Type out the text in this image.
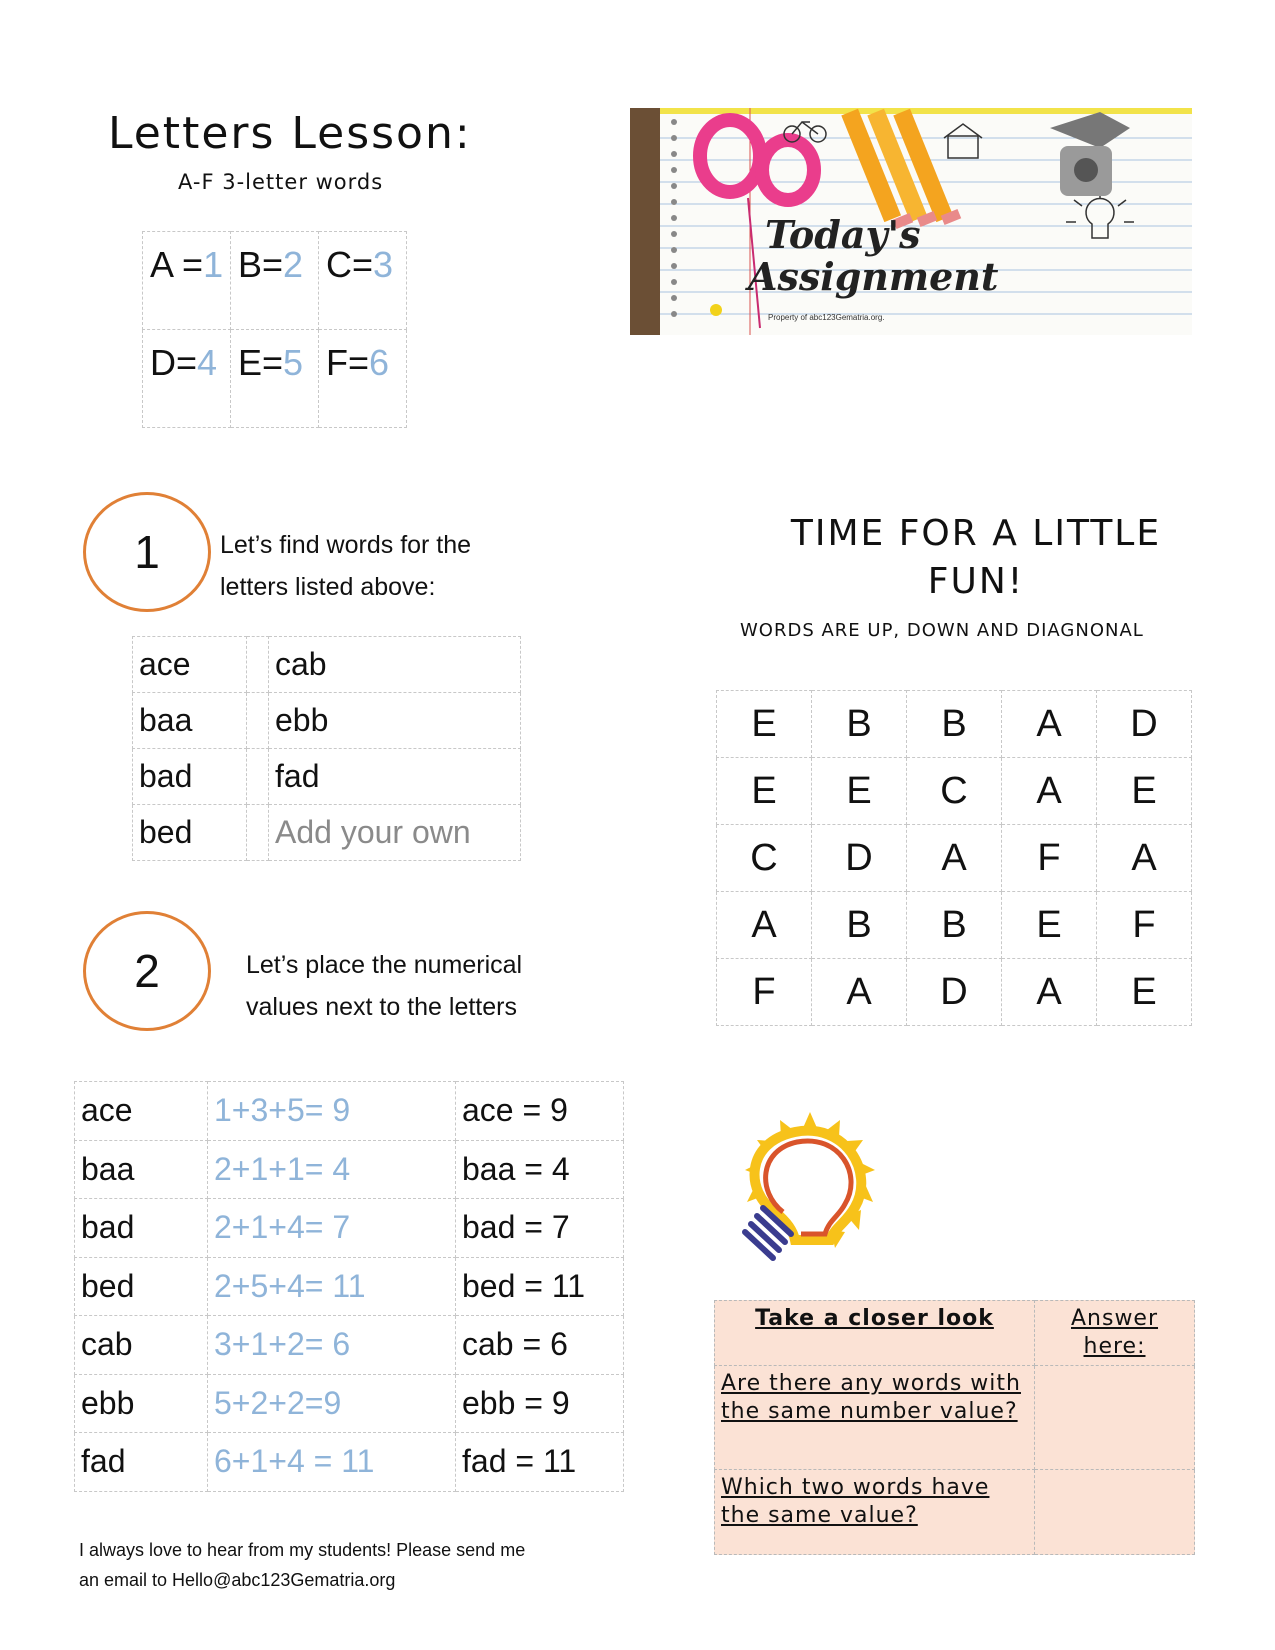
Letters Lesson:
A-F 3-letter words
A =1	B=2	C=3
D=4	E=5	F=6
Today's
Assignment
Property of abc123Gematria.org.
1 Let’s find words for the
letters listed above:
ace		cab
baa		ebb
bad		fad
bed		Add your own
2	Let’s place the numerical
values next to the letters
ace	1+3+5= 9	ace = 9
baa	2+1+1= 4	baa = 4
bad	2+1+4= 7	bad = 7
bed	2+5+4= 11	bed = 11
cab	3+1+2= 6	cab = 6
ebb	5+2+2=9	ebb = 9
fad	6+1+4 = 11	fad = 11
TIME FOR A LITTLE
FUN!
WORDS ARE UP, DOWN AND DIAGNONAL
E	B	B	A	D
E	E	C	A	E
C	D	A	F	A
A	B	B	E	F
F	A	D	A	E
Take a closer look	Answer
here:

Are there any words with the same number value?	
Which two words have the same value?	
I always love to hear from my students! Please send me
an email to Hello@abc123Gematria.org
